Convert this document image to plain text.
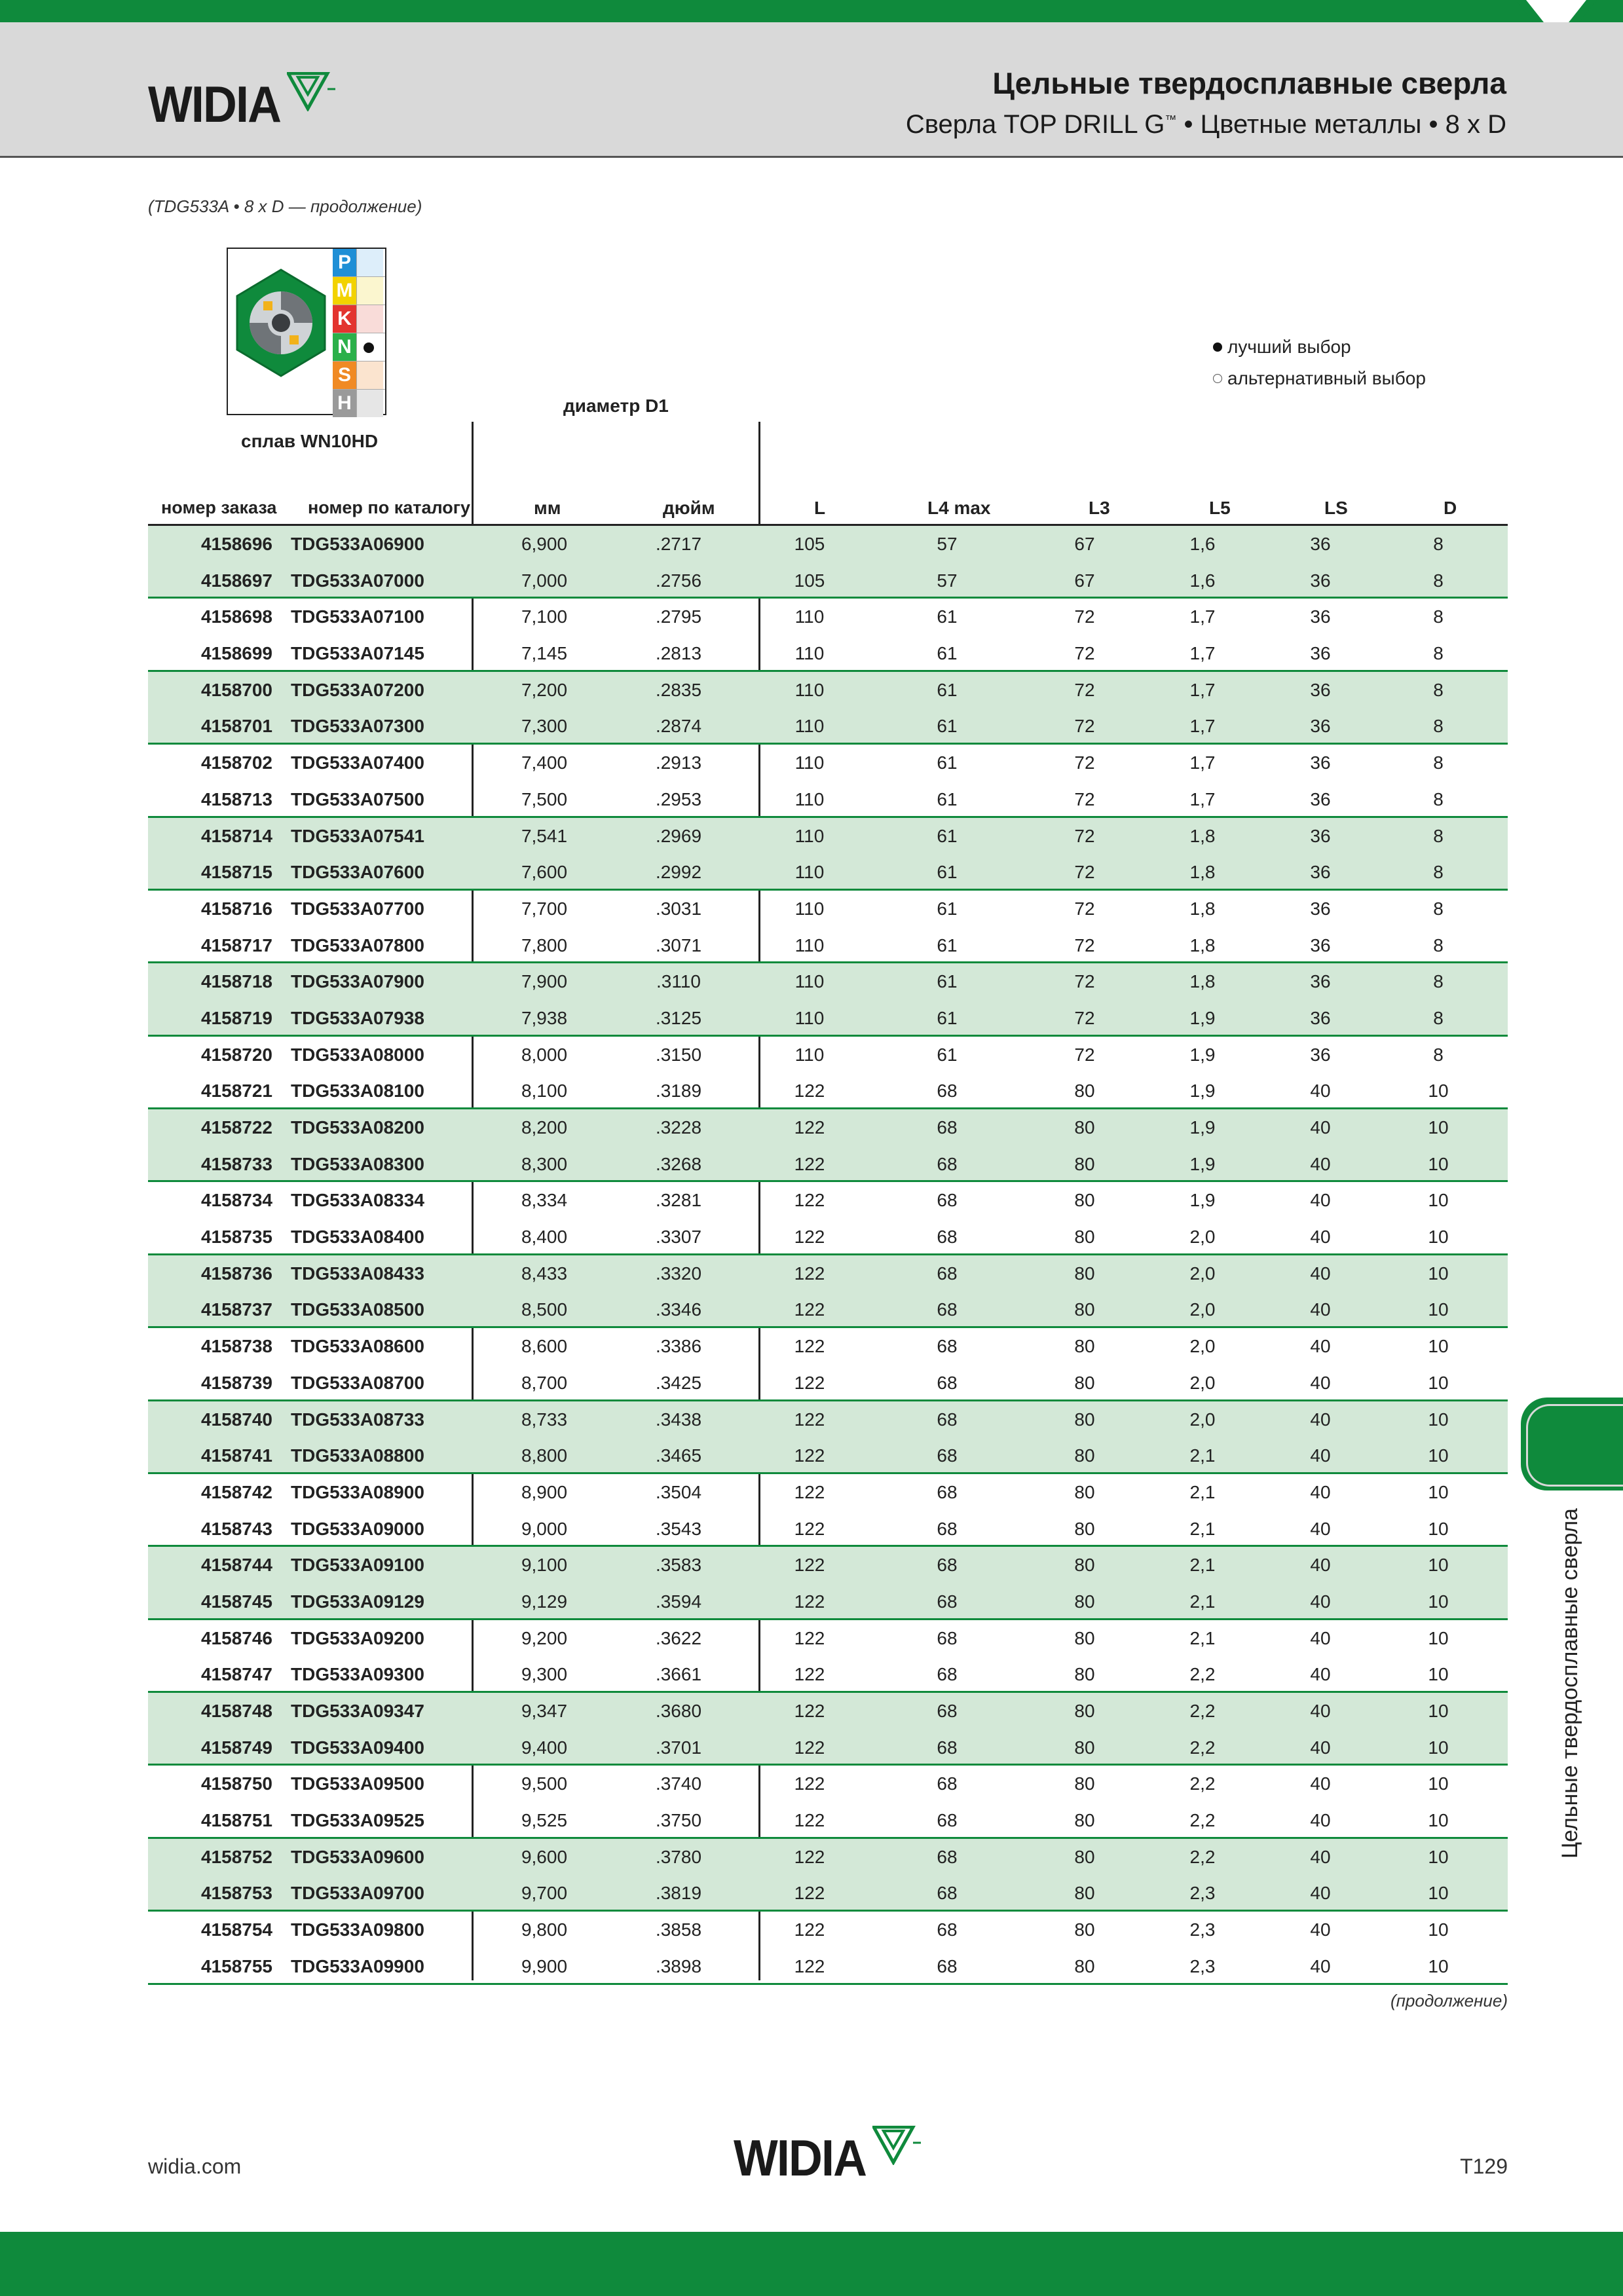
WIDIA	Цельные твердосплавные сверла
Сверла TOP DRILL G™ • Цветные металлы • 8 x D
(TDG533A • 8 x D — продолжение)
P
M
K
N
S
H
сплав WN10HD
лучший выбор
альтернативный выбор
диаметр D1
номер заказа номер по каталогу	мм	дюйм	L	L4 max	L3	L5	LS	D
4158696 TDG533A06900	6,900	.2717	105	57	67	1,6	36	8
4158697 TDG533A07000	7,000	.2756	105	57	67	1,6	36	8
4158698 TDG533A07100	7,100	.2795	110	61	72	1,7	36	8
4158699 TDG533A07145	7,145	.2813	110	61	72	1,7	36	8
4158700 TDG533A07200	7,200	.2835	110	61	72	1,7	36	8
4158701 TDG533A07300	7,300	.2874	110	61	72	1,7	36	8
4158702 TDG533A07400	7,400	.2913	110	61	72	1,7	36	8
4158713 TDG533A07500	7,500	.2953	110	61	72	1,7	36	8
4158714 TDG533A07541	7,541	.2969	110	61	72	1,8	36	8
4158715 TDG533A07600	7,600	.2992	110	61	72	1,8	36	8
4158716 TDG533A07700	7,700	.3031	110	61	72	1,8	36	8
4158717 TDG533A07800	7,800	.3071	110	61	72	1,8	36	8
4158718 TDG533A07900	7,900	.3110	110	61	72	1,8	36	8
4158719 TDG533A07938	7,938	.3125	110	61	72	1,9	36	8
4158720 TDG533A08000	8,000	.3150	110	61	72	1,9	36	8
4158721 TDG533A08100	8,100	.3189	122	68	80	1,9	40	10
4158722 TDG533A08200	8,200	.3228	122	68	80	1,9	40	10
4158733 TDG533A08300	8,300	.3268	122	68	80	1,9	40	10
4158734 TDG533A08334	8,334	.3281	122	68	80	1,9	40	10
4158735 TDG533A08400	8,400	.3307	122	68	80	2,0	40	10
4158736 TDG533A08433	8,433	.3320	122	68	80	2,0	40	10
4158737 TDG533A08500	8,500	.3346	122	68	80	2,0	40	10
4158738 TDG533A08600	8,600	.3386	122	68	80	2,0	40	10
4158739 TDG533A08700	8,700	.3425	122	68	80	2,0	40	10
4158740 TDG533A08733	8,733	.3438	122	68	80	2,0	40	10
4158741 TDG533A08800	8,800	.3465	122	68	80	2,1	40	10
4158742 TDG533A08900	8,900	.3504	122	68	80	2,1	40	10
4158743 TDG533A09000	9,000	.3543	122	68	80	2,1	40	10
4158744 TDG533A09100	9,100	.3583	122	68	80	2,1	40	10
4158745 TDG533A09129	9,129	.3594	122	68	80	2,1	40	10
4158746 TDG533A09200	9,200	.3622	122	68	80	2,1	40	10
4158747 TDG533A09300	9,300	.3661	122	68	80	2,2	40	10
4158748 TDG533A09347	9,347	.3680	122	68	80	2,2	40	10
4158749 TDG533A09400	9,400	.3701	122	68	80	2,2	40	10
4158750 TDG533A09500	9,500	.3740	122	68	80	2,2	40	10
4158751 TDG533A09525	9,525	.3750	122	68	80	2,2	40	10
4158752 TDG533A09600	9,600	.3780	122	68	80	2,2	40	10
4158753 TDG533A09700	9,700	.3819	122	68	80	2,3	40	10
4158754 TDG533A09800	9,800	.3858	122	68	80	2,3	40	10
4158755 TDG533A09900	9,900	.3898	122	68	80	2,3	40	10
(продолжение)
Цельные твердосплавные сверла
widia.com	WIDIA	T129
